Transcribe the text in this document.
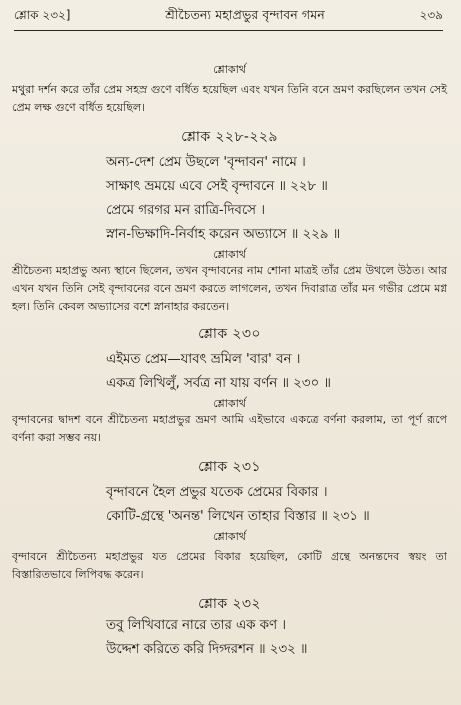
শ্লোক ২৩২]	শ্রীচৈতন্য মহাপ্রভুর বৃন্দাবন গমন	২৩৯

শ্লোকার্থ

মথুরা দর্শন করে তাঁর প্রেম সহস্র গুণে বর্ধিত হয়েছিল এবং যখন তিনি বনে ভ্রমণ করছিলেন তখন সেই প্রেম লক্ষ গুণে বর্ধিত হয়েছিল।

শ্লোক ২২৮-২২৯

অন্য-দেশ প্রেম উছলে 'বৃন্দাবন' নামে ।

সাক্ষাৎ ভ্রময়ে এবে সেই বৃন্দাবনে ॥ ২২৮ ॥

প্রেমে গরগর মন রাত্রি-দিবসে ।

স্নান-ভিক্ষাদি-নির্বাহ করেন অভ্যাসে ॥ ২২৯ ॥

শ্লোকার্থ

শ্রীচৈতন্য মহাপ্রভু অন্য স্থানে ছিলেন, তখন বৃন্দাবনের নাম শোনা মাত্রই তাঁর প্রেম উথলে উঠত। আর এখন যখন তিনি সেই বৃন্দাবনের বনে ভ্রমণ করতে লাগলেন, তখন দিবারাত্র তাঁর মন গভীর প্রেমে মগ্ন হল। তিনি কেবল অভ্যাসের বশে স্নানাহার করতেন।

শ্লোক ২৩০

এইমত প্রেম—যাবৎ ভ্রমিল 'বার' বন ।

একত্র লিখিলুঁ, সর্বত্র না যায় বর্ণন ॥ ২৩০ ॥

শ্লোকার্থ

বৃন্দাবনের দ্বাদশ বনে শ্রীচৈতন্য মহাপ্রভুর ভ্রমণ আমি এইভাবে একত্রে বর্ণনা করলাম, তা পূর্ণ রূপে বর্ণনা করা সম্ভব নয়।

শ্লোক ২৩১

বৃন্দাবনে হৈল প্রভুর যতেক প্রেমের বিকার ।

কোটি-গ্রন্থে 'অনন্ত' লিখেন তাহার বিস্তার ॥ ২৩১ ॥

শ্লোকার্থ

বৃন্দাবনে শ্রীচৈতন্য মহাপ্রভুর যত প্রেমের বিকার হয়েছিল, কোটি গ্রন্থে অনন্তদেব স্বয়ং তা বিস্তারিতভাবে লিপিবদ্ধ করেন।

শ্লোক ২৩২

তবু লিখিবারে নারে তার এক কণ ।

উদ্দেশ করিতে করি দিগ্দরশন ॥ ২৩২ ॥
